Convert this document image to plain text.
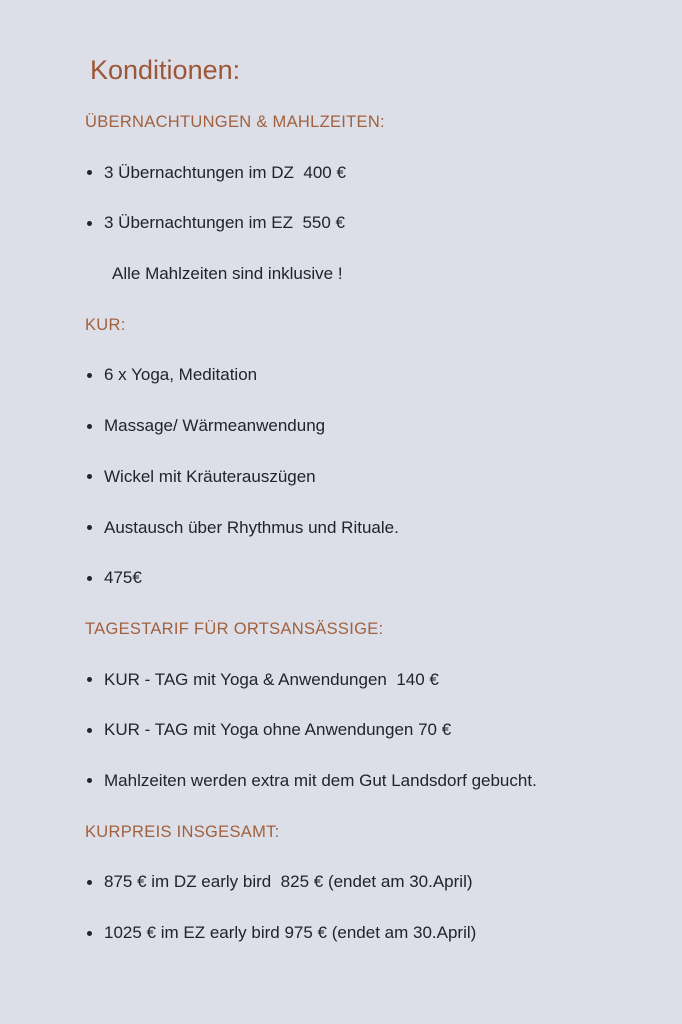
Konditionen:
ÜBERNACHTUNGEN & MAHLZEITEN:
3 Übernachtungen im DZ  400 €
3 Übernachtungen im EZ  550 €

Alle Mahlzeiten sind inklusive !

KUR:
6 x Yoga, Meditation
Massage/ Wärmeanwendung
Wickel mit Kräuterauszügen
Austausch über Rhythmus und Rituale.
475€
TAGESTARIF FÜR ORTSANSÄSSIGE:
KUR - TAG mit Yoga & Anwendungen  140 €
KUR - TAG mit Yoga ohne Anwendungen 70 €
Mahlzeiten werden extra mit dem Gut Landsdorf gebucht.
KURPREIS INSGESAMT:
875 € im DZ early bird  825 € (endet am 30.April)
1025 € im EZ early bird 975 € (endet am 30.April)
